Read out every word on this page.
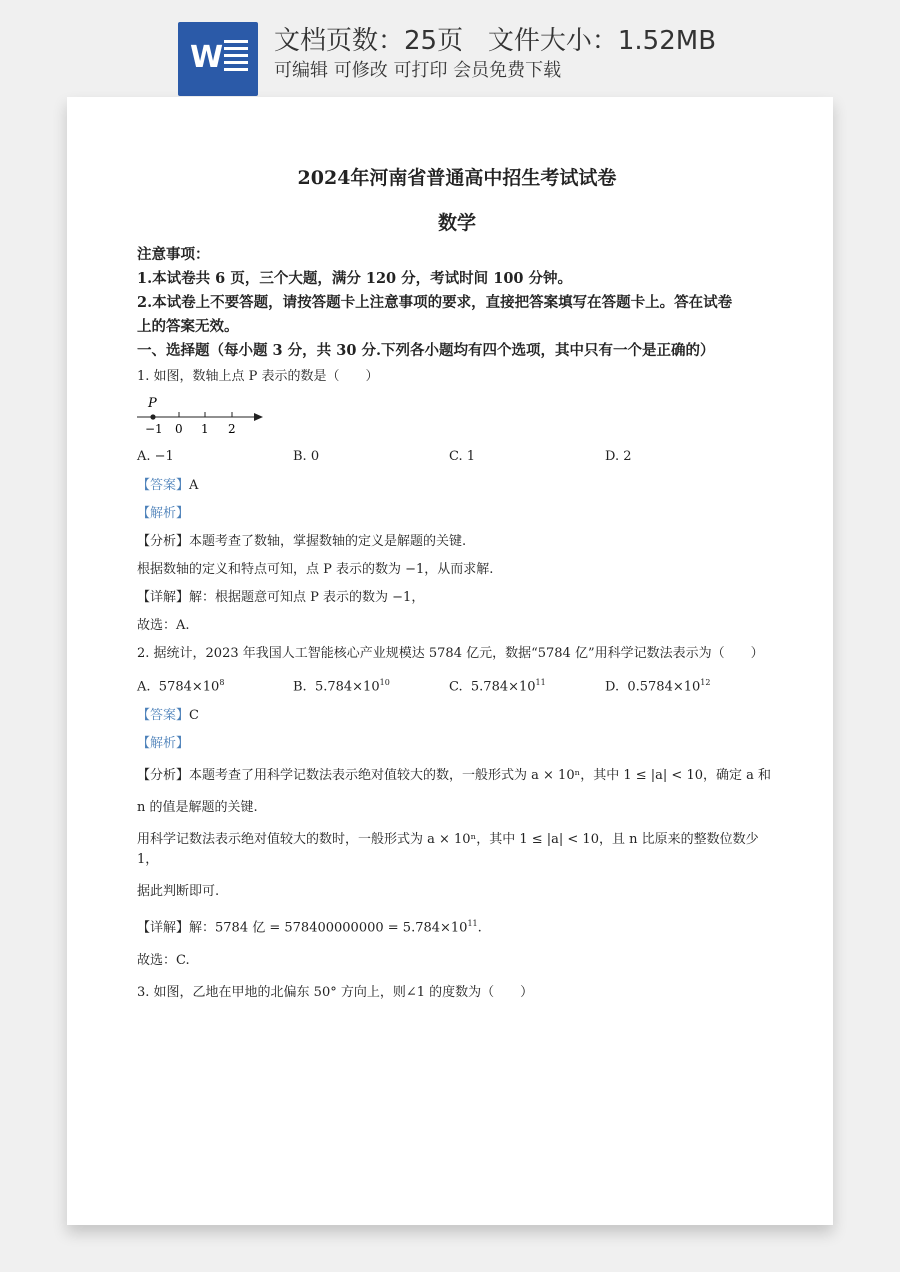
W 文档页数：25页   文件大小：1.52MB
可编辑 可修改 可打印 会员免费下载
2024年河南省普通高中招生考试试卷
数学
注意事项：
1.本试卷共 6 页，三个大题，满分 120 分，考试时间 100 分钟。
2.本试卷上不要答题，请按答题卡上注意事项的要求，直接把答案填写在答题卡上。答在试卷
上的答案无效。
一、选择题（每小题 3 分，共 30 分.下列各小题均有四个选项，其中只有一个是正确的）
1. 如图，数轴上点 P 表示的数是（　　）
P
−1 0 1 2
A. −1	B. 0	C. 1	D. 2
【答案】A
【解析】
【分析】本题考查了数轴，掌握数轴的定义是解题的关键.
根据数轴的定义和特点可知，点 P 表示的数为 −1，从而求解.
【详解】解：根据题意可知点 P 表示的数为 −1，
故选：A.
2. 据统计，2023 年我国人工智能核心产业规模达 5784 亿元，数据“5784 亿”用科学记数法表示为（　　）
A. $5784\times 10^8$	B. $5.784\times 10^{10}$	C. $5.784\times 10^{11}$	D. $0.5784\times 10^{12}$
【答案】C
【解析】
【分析】本题考查了用科学记数法表示绝对值较大的数，一般形式为 a × 10ⁿ，其中 1 ≤ |a| < 10，确定 a 和
n 的值是解题的关键.
用科学记数法表示绝对值较大的数时，一般形式为 a × 10ⁿ，其中 1 ≤ |a| < 10，且 n 比原来的整数位数少 1，
据此判断即可.
【详解】解：5784 亿 = $578400000000 = 5.784\times 10^{11}$.
故选：C.
3. 如图，乙地在甲地的北偏东 50° 方向上，则∠1 的度数为（　　）
